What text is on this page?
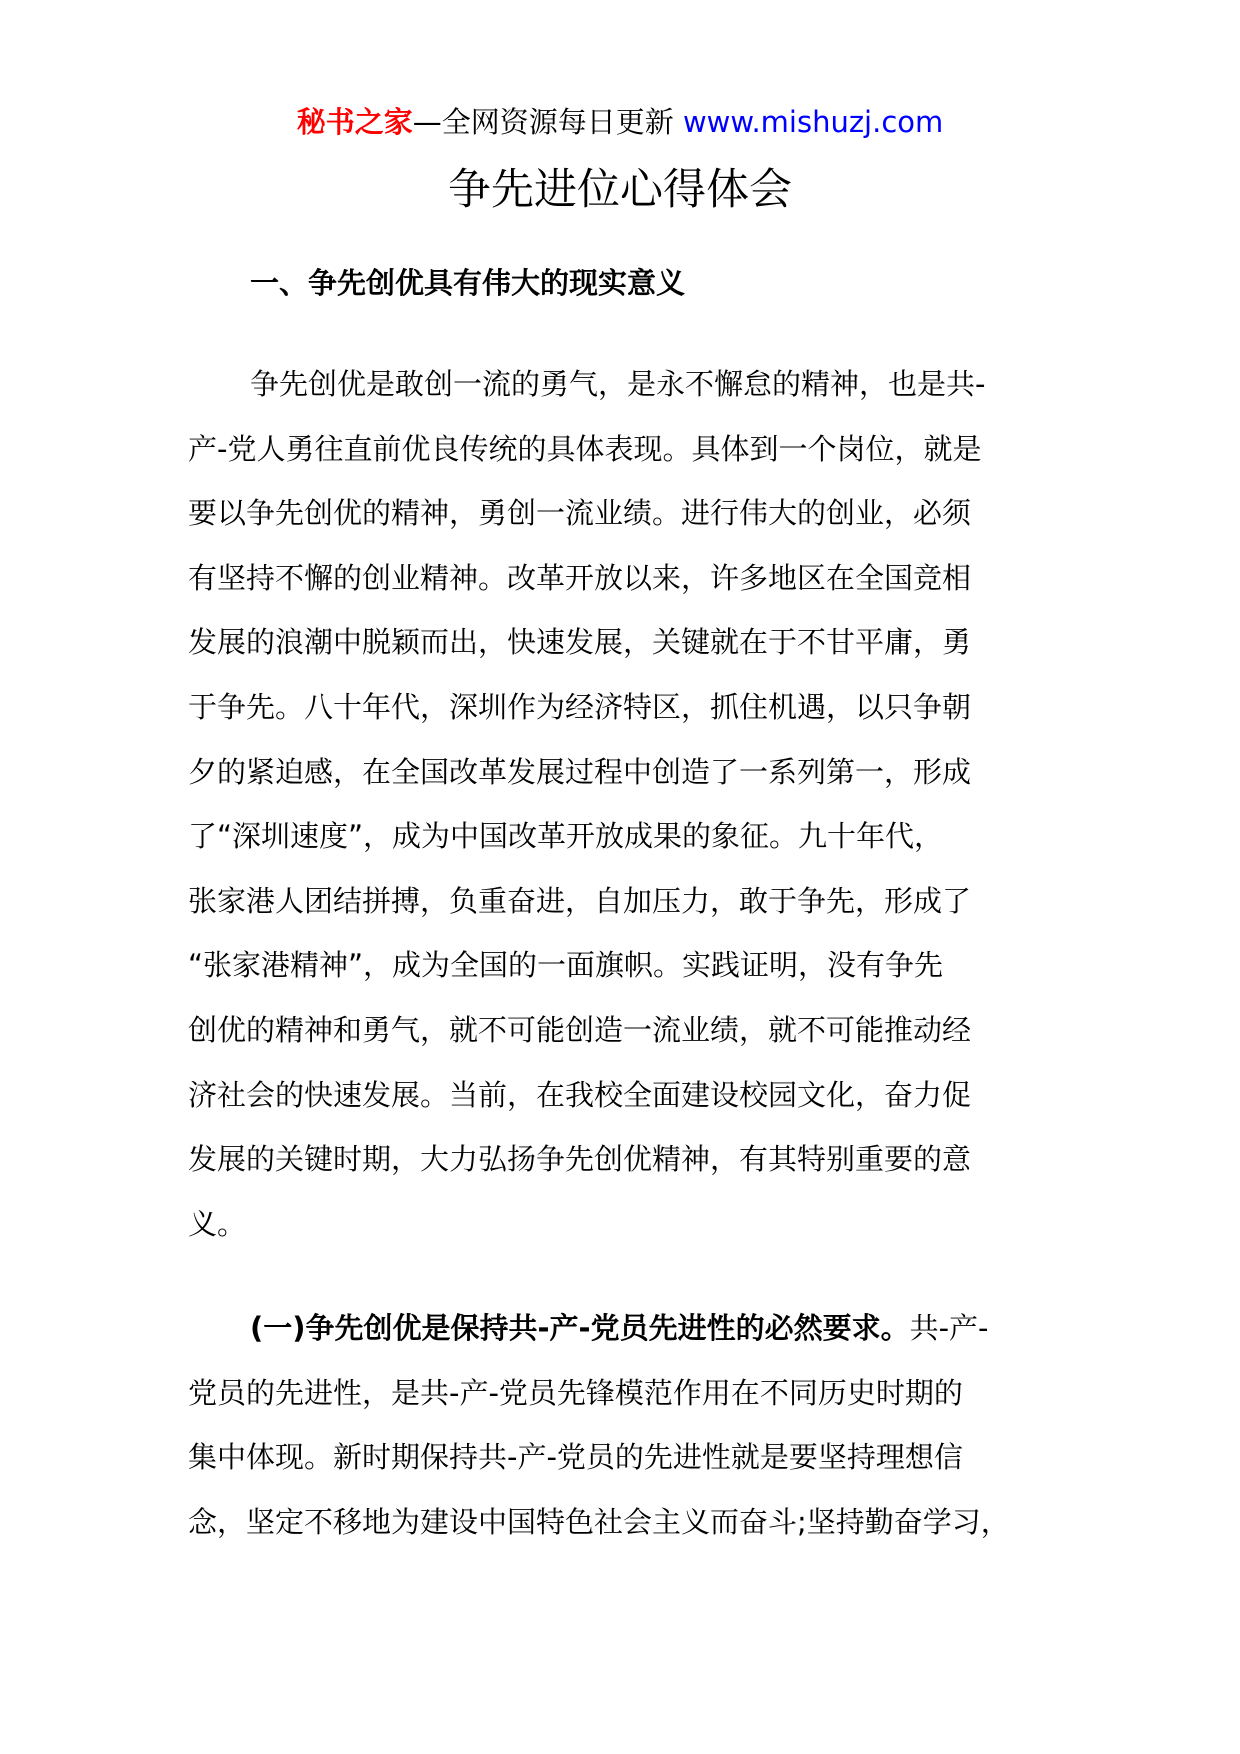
秘书之家—全网资源每日更新 www.mishuzj.com
争先进位心得体会
一、争先创优具有伟大的现实意义
争先创优是敢创一流的勇气，是永不懈怠的精神，也是共-
产-党人勇往直前优良传统的具体表现。具体到一个岗位，就是
要以争先创优的精神，勇创一流业绩。进行伟大的创业，必须
有坚持不懈的创业精神。改革开放以来，许多地区在全国竞相
发展的浪潮中脱颖而出，快速发展，关键就在于不甘平庸，勇
于争先。八十年代，深圳作为经济特区，抓住机遇，以只争朝
夕的紧迫感，在全国改革发展过程中创造了一系列第一，形成
了“深圳速度”，成为中国改革开放成果的象征。九十年代，
张家港人团结拼搏，负重奋进，自加压力，敢于争先，形成了
“张家港精神”，成为全国的一面旗帜。实践证明，没有争先
创优的精神和勇气，就不可能创造一流业绩，就不可能推动经
济社会的快速发展。当前，在我校全面建设校园文化，奋力促
发展的关键时期，大力弘扬争先创优精神，有其特别重要的意
义。
(一)争先创优是保持共-产-党员先进性的必然要求。共-产-
党员的先进性，是共-产-党员先锋模范作用在不同历史时期的
集中体现。新时期保持共-产-党员的先进性就是要坚持理想信
念，坚定不移地为建设中国特色社会主义而奋斗;坚持勤奋学习，
